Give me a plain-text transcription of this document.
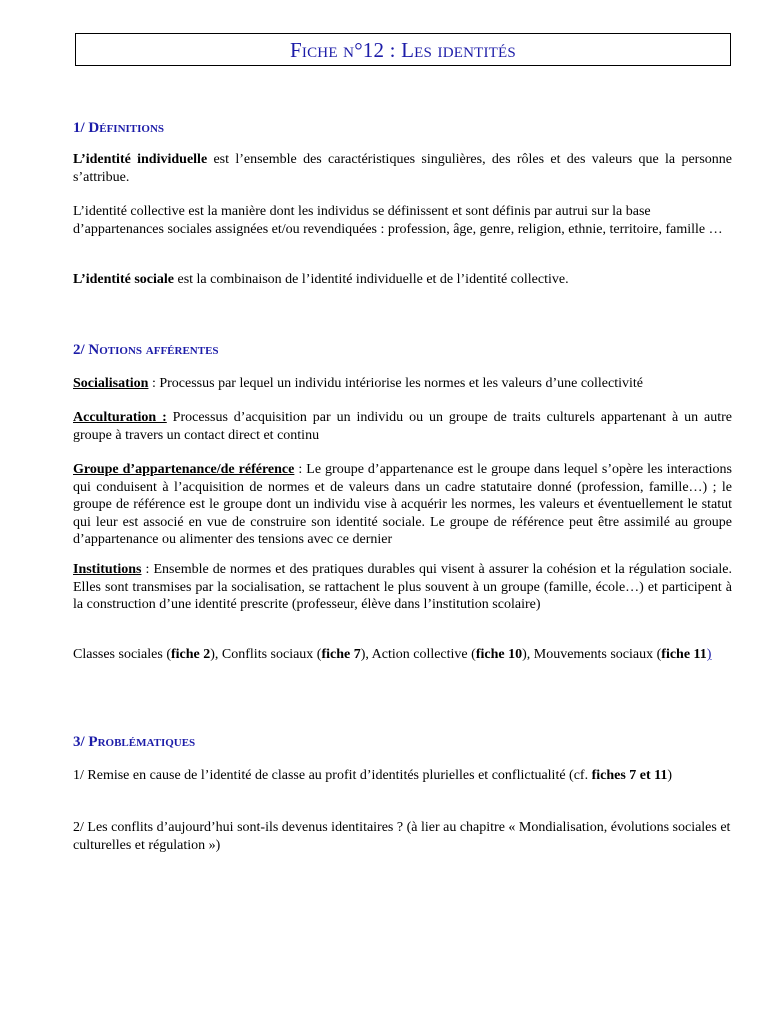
Fiche n°12 : Les identités
1/ Définitions
L’identité individuelle est l’ensemble des caractéristiques singulières, des rôles et des valeurs que la personne s’attribue.
L’identité collective est la manière dont les individus se définissent et sont définis par autrui sur la base d’appartenances sociales assignées et/ou revendiquées : profession, âge, genre, religion, ethnie, territoire, famille …
L’identité sociale est la combinaison de l’identité individuelle et de l’identité collective.
2/ Notions afférentes
Socialisation : Processus par lequel un individu intériorise les normes et les valeurs d’une collectivité
Acculturation : Processus d’acquisition par un individu ou un groupe de traits culturels appartenant à un autre groupe à travers un contact direct et continu
Groupe d’appartenance/de référence : Le groupe d’appartenance est le groupe dans lequel s’opère les interactions qui conduisent à l’acquisition de normes et de valeurs dans un cadre statutaire donné (profession, famille…) ; le groupe de référence est le groupe dont un individu vise à acquérir les normes, les valeurs et éventuellement le statut qui leur est associé en vue de construire son identité sociale. Le groupe de référence peut être assimilé au groupe d’appartenance ou alimenter des tensions avec ce dernier
Institutions : Ensemble de normes et des pratiques durables qui visent à assurer la cohésion et la régulation sociale. Elles sont transmises par la socialisation, se rattachent le plus souvent à un groupe (famille, école…) et participent à la construction d’une identité prescrite (professeur, élève dans l’institution scolaire)
Classes sociales (fiche 2), Conflits sociaux (fiche 7), Action collective (fiche 10), Mouvements sociaux (fiche 11)
3/ Problématiques
1/ Remise en cause de l’identité de classe au profit d’identités plurielles et conflictualité (cf. fiches 7 et 11)
2/ Les conflits d’aujourd’hui sont-ils devenus identitaires ? (à lier au chapitre « Mondialisation, évolutions sociales et culturelles et régulation »)
